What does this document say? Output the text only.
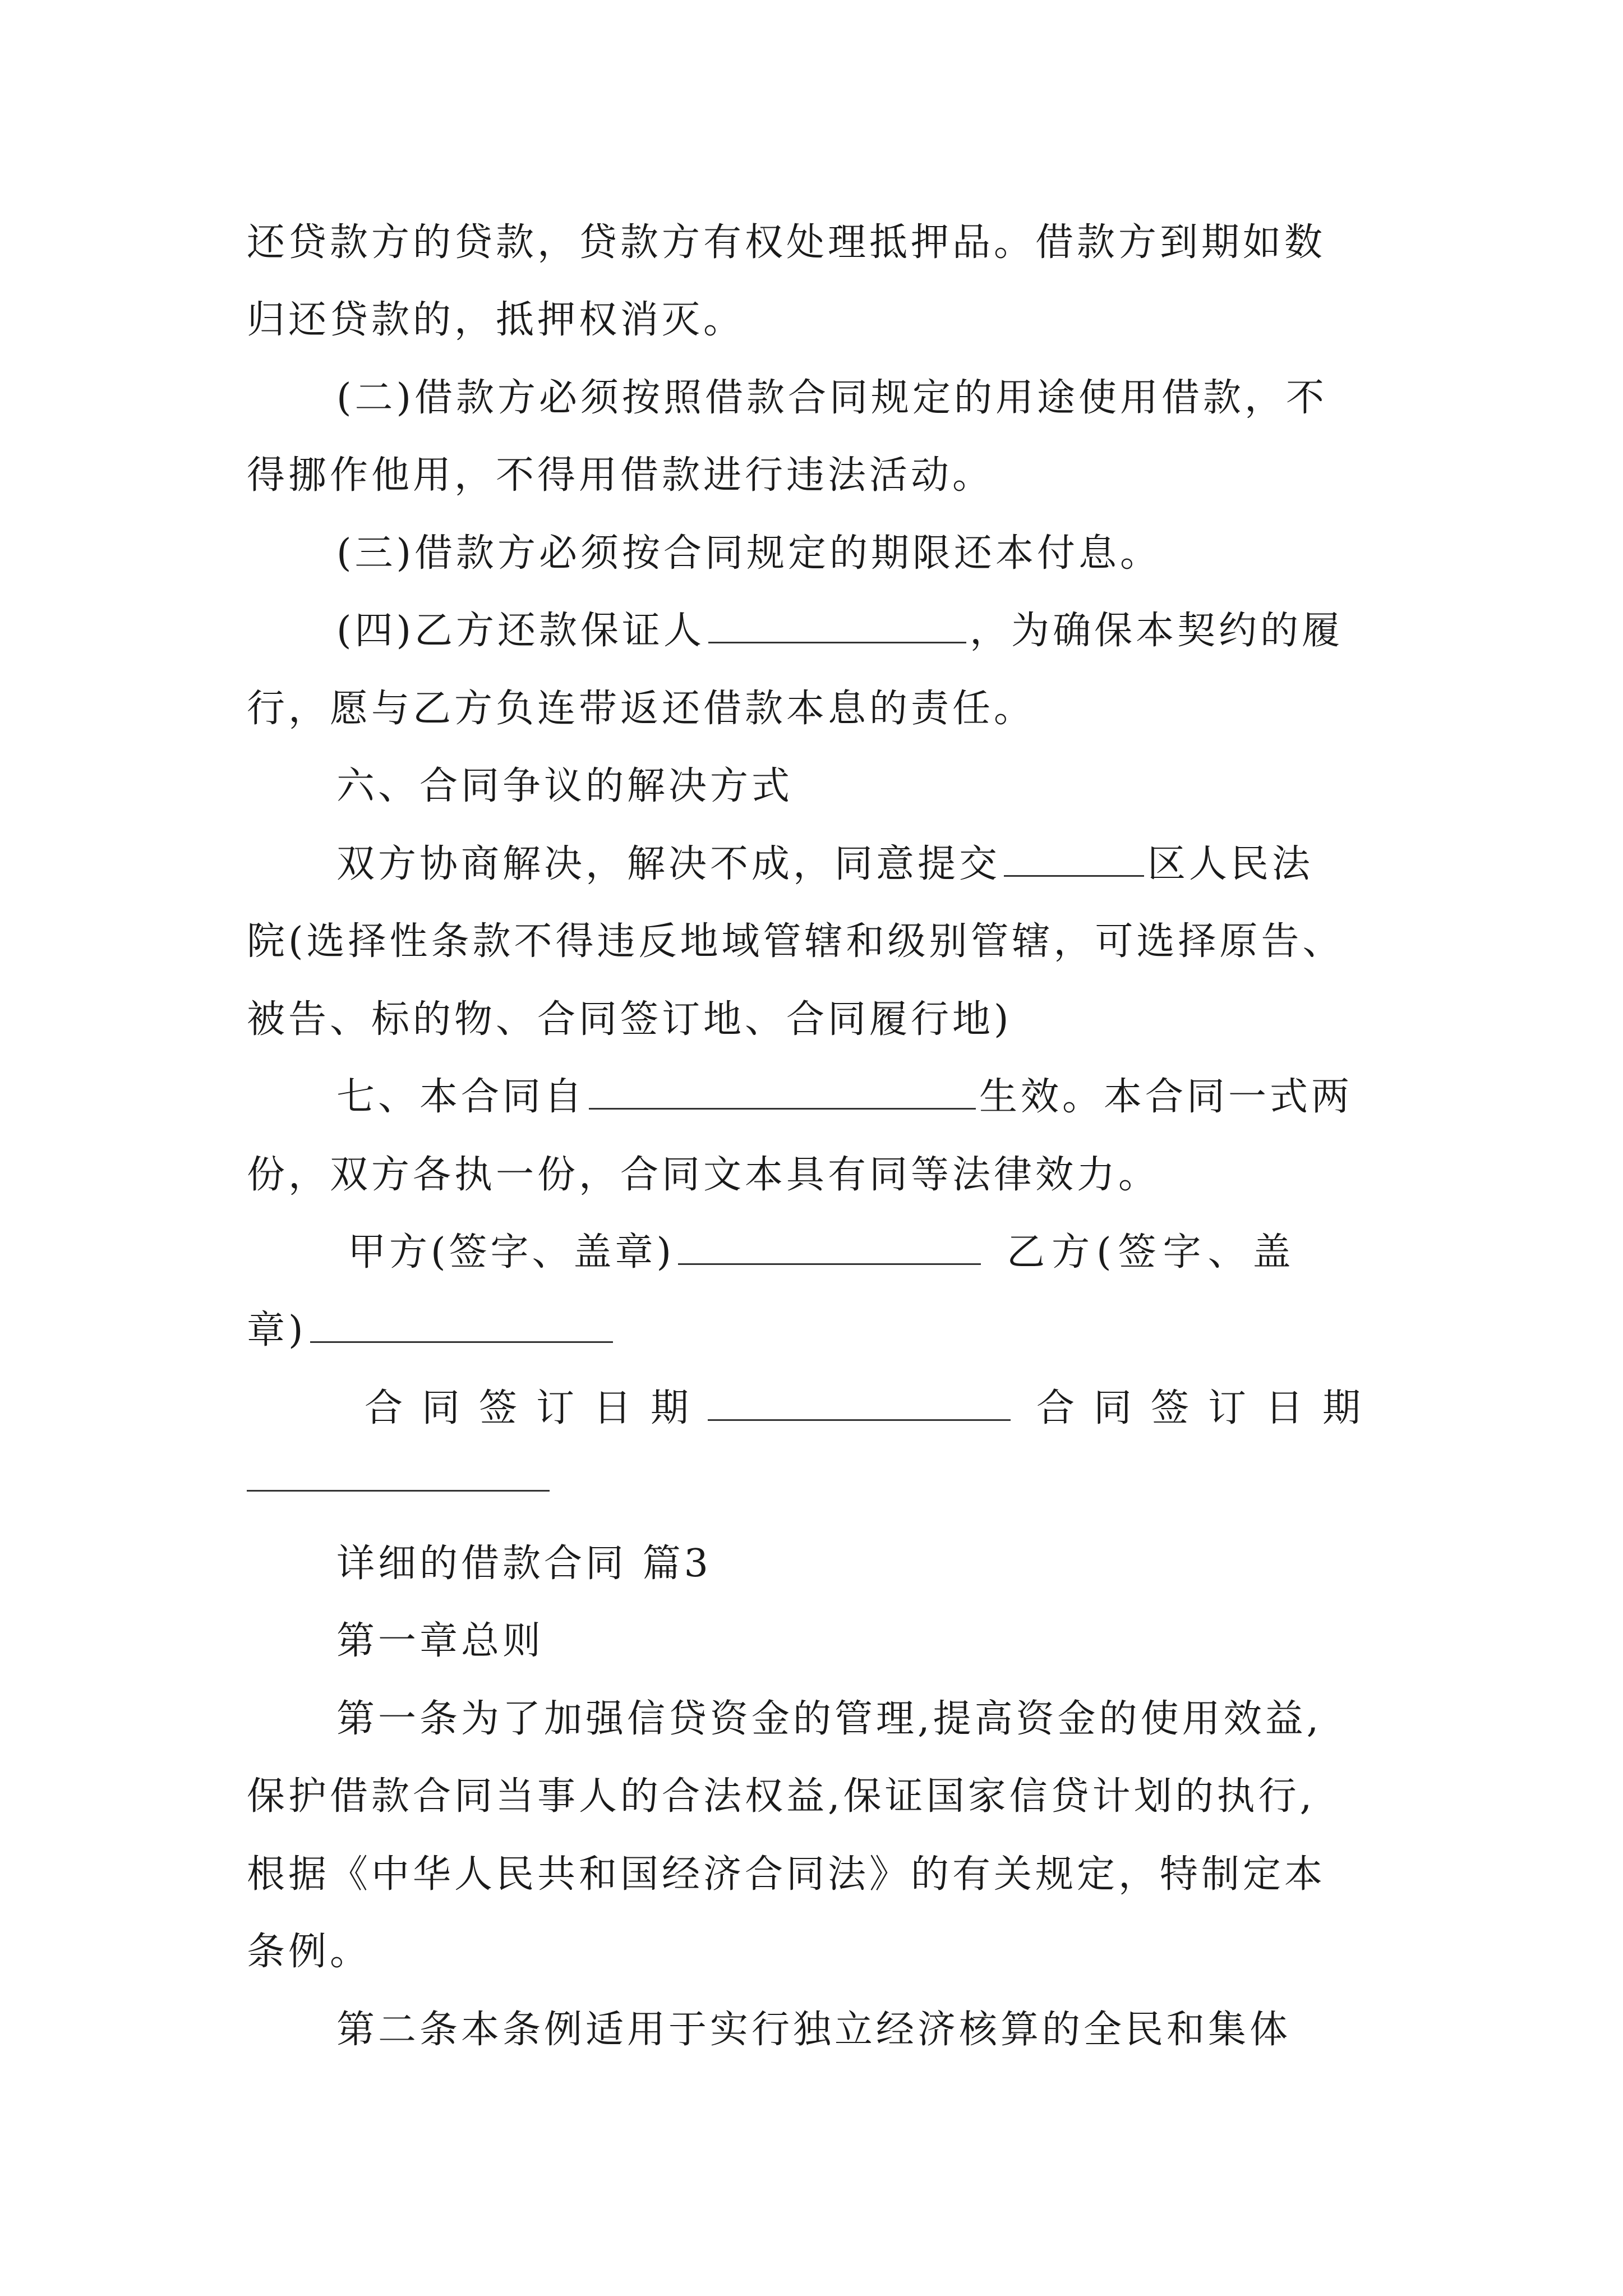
还贷款方的贷款，贷款方有权处理抵押品。借款方到期如数
归还贷款的，抵押权消灭。
(二)借款方必须按照借款合同规定的用途使用借款，不
得挪作他用，不得用借款进行违法活动。
(三)借款方必须按合同规定的期限还本付息。
(四)乙方还款保证人	，为确保本契约的履
行，愿与乙方负连带返还借款本息的责任。
六、合同争议的解决方式
双方协商解决，解决不成，同意提交	区人民法
院(选择性条款不得违反地域管辖和级别管辖，可选择原告、
被告、标的物、合同签订地、合同履行地)
七、本合同自	生效。本合同一式两
份，双方各执一份，合同文本具有同等法律效力。
甲方(签字、盖章)	乙方(签字、盖
章)
合同签订日期	合同签订日期
详细的借款合同 篇3
第一章总则
第一条为了加强信贷资金的管理,提高资金的使用效益,
保护借款合同当事人的合法权益,保证国家信贷计划的执行,
根据《中华人民共和国经济合同法》的有关规定，特制定本
条例。
第二条本条例适用于实行独立经济核算的全民和集体
